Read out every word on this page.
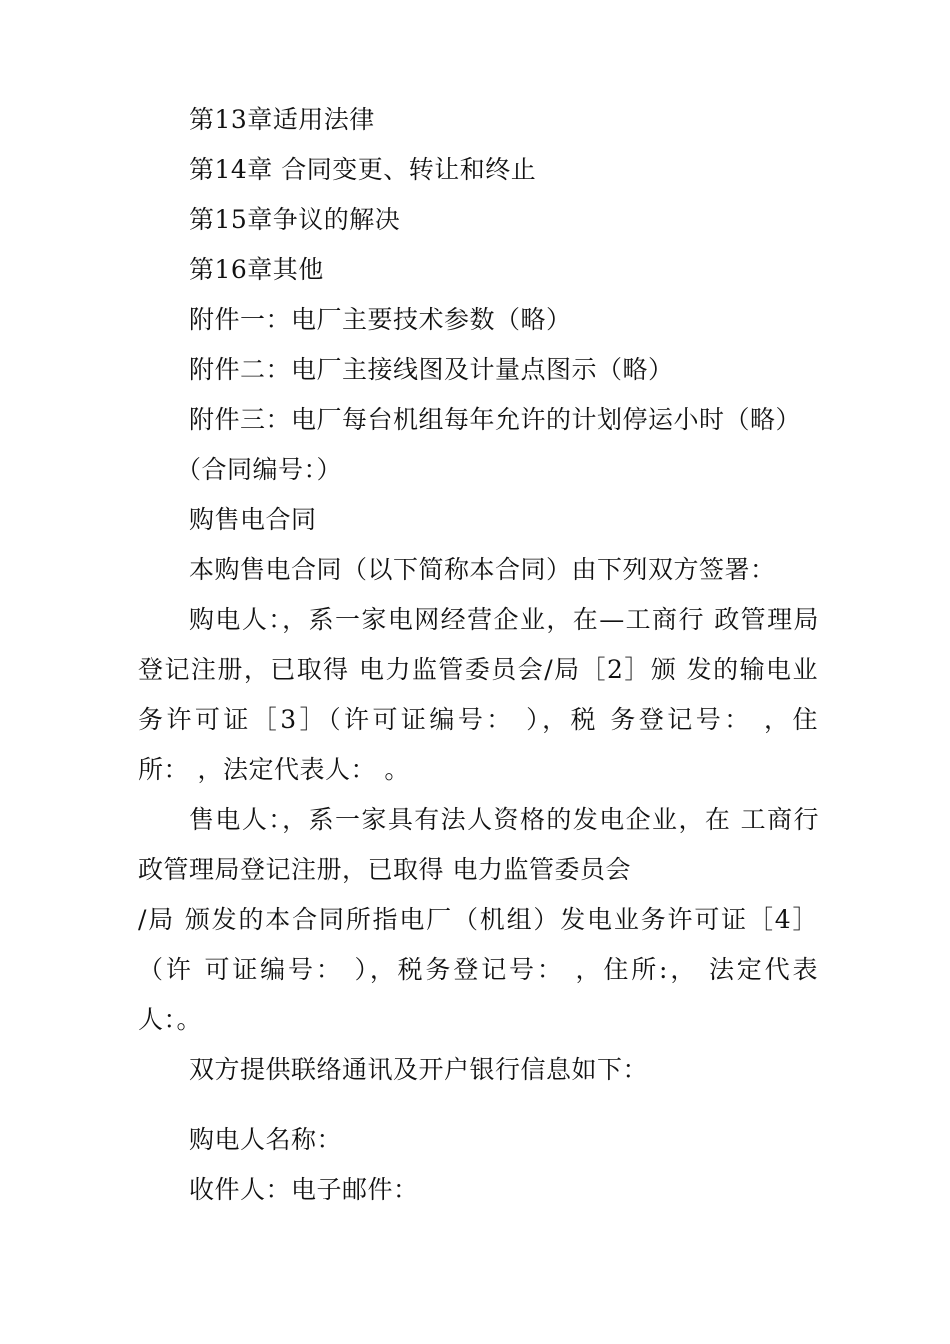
第13章适用法律
第14章 合同变更、转让和终止
第15章争议的解决
第16章其他
附件一：电厂主要技术参数（略）
附件二：电厂主接线图及计量点图示（略）
附件三：电厂每台机组每年允许的计划停运小时（略）
（合同编号：）
购售电合同
本购售电合同（以下简称本合同）由下列双方签署：
购电人：，系一家电网经营企业，在—工商行 政管理局
登记注册，已取得 电力监管委员会/局［2］颁 发的输电业
务许可证［3］（许可证编号： ），税 务登记号： ，住
所： ，法定代表人： 。
售电人：，系一家具有法人资格的发电企业，在 工商行
政管理局登记注册，已取得 电力监管委员会
/局 颁发的本合同所指电厂（机组）发电业务许可证［4］
（许 可证编号： ），税务登记号： ，住所:， 法定代表
人：。
双方提供联络通讯及开户银行信息如下：
购电人名称：
收件人：电子邮件：
